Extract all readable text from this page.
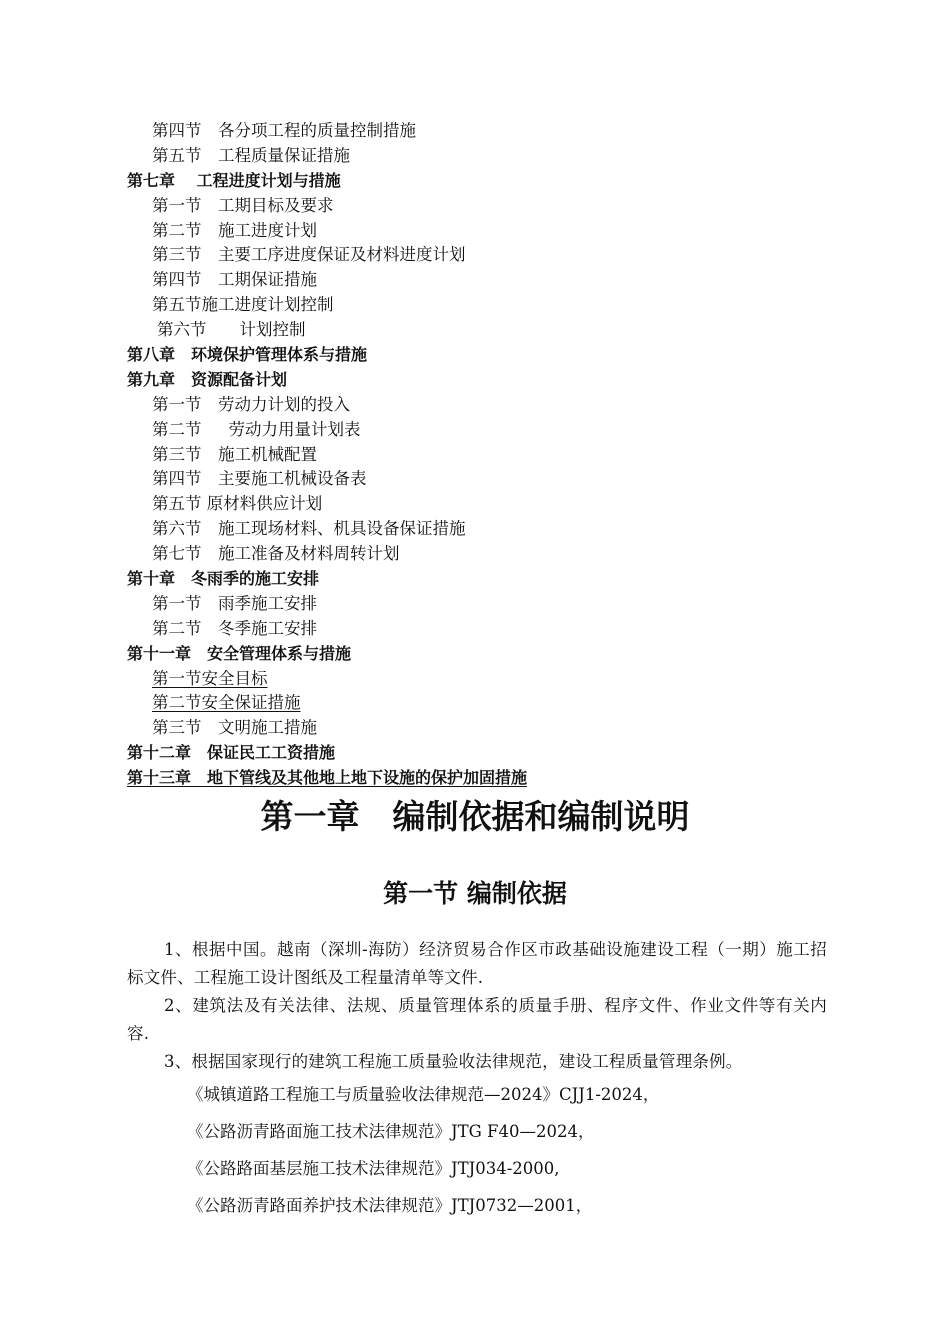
第四节　各分项工程的质量控制措施
第五节　工程质量保证措施
第七章　 工程进度计划与措施
第一节　工期目标及要求
第二节　施工进度计划
第三节　主要工序进度保证及材料进度计划
第四节　工期保证措施
第五节施工进度计划控制
第六节　　计划控制
第八章　环境保护管理体系与措施
第九章　资源配备计划
第一节　劳动力计划的投入
第二节　  劳动力用量计划表
第三节　施工机械配置
第四节　主要施工机械设备表
第五节 原材料供应计划
第六节　施工现场材料、机具设备保证措施
第七节　施工准备及材料周转计划
第十章　冬雨季的施工安排
第一节　雨季施工安排
第二节　冬季施工安排
第十一章　安全管理体系与措施
第一节安全目标
第二节安全保证措施
第三节　文明施工措施
第十二章　保证民工工资措施
第十三章　地下管线及其他地上地下设施的保护加固措施
第一章　编制依据和编制说明
第一节 编制依据
1、根据中国。越南（深圳-海防）经济贸易合作区市政基础设施建设工程（一期）施工招标文件、工程施工设计图纸及工程量清单等文件.
2、建筑法及有关法律、法规、质量管理体系的质量手册、程序文件、作业文件等有关内容.
3、根据国家现行的建筑工程施工质量验收法律规范，建设工程质量管理条例。
《城镇道路工程施工与质量验收法律规范—2024》CJJ1-2024，
《公路沥青路面施工技术法律规范》JTG F40—2024，
《公路路面基层施工技术法律规范》JTJ034-2000,
《公路沥青路面养护技术法律规范》JTJ0732—2001，
